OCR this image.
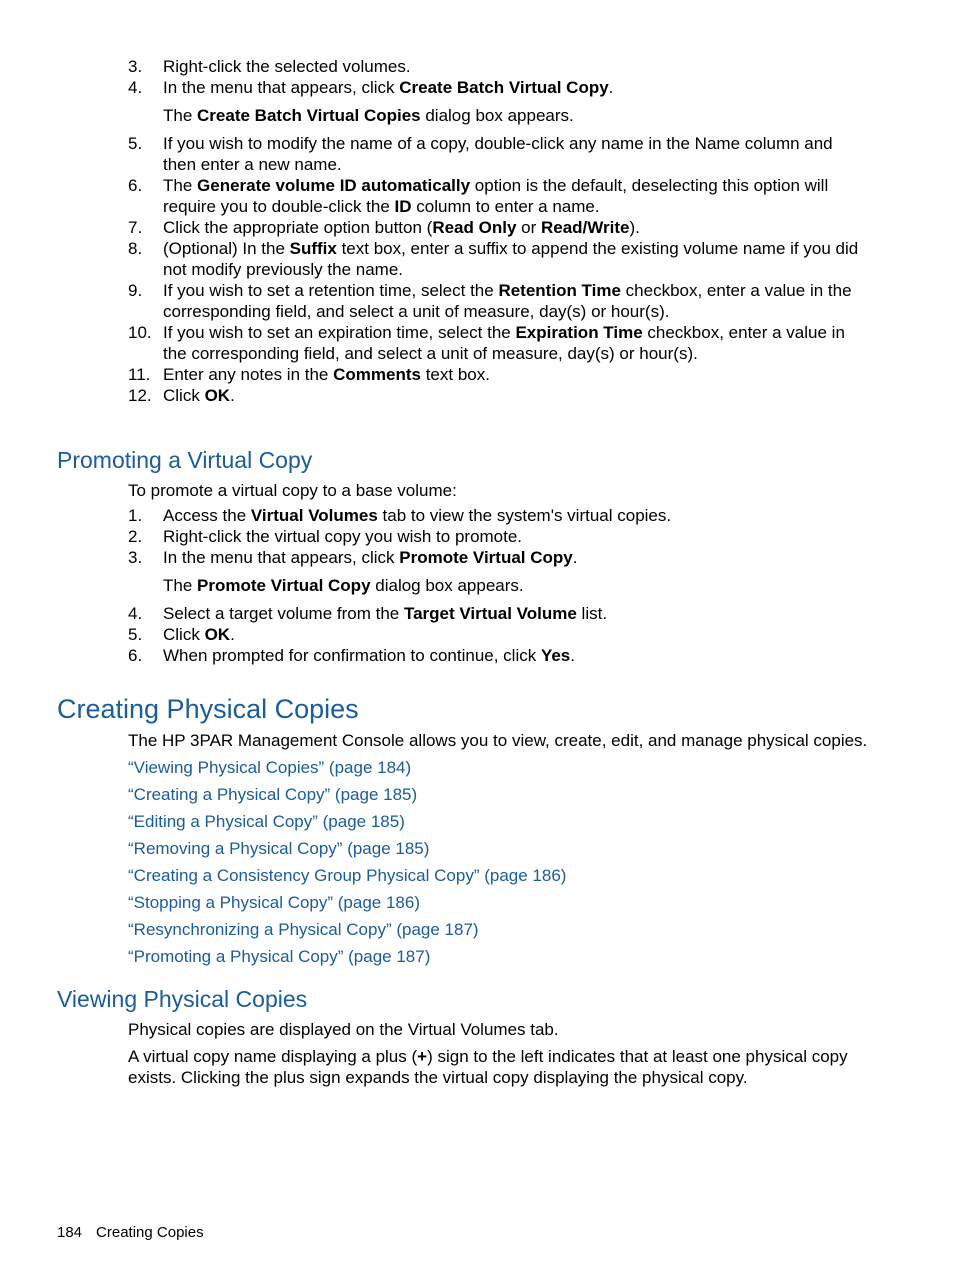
3. Right-click the selected volumes.
4. In the menu that appears, click Create Batch Virtual Copy.
The Create Batch Virtual Copies dialog box appears.
5. If you wish to modify the name of a copy, double-click any name in the Name column and then enter a new name.
6. The Generate volume ID automatically option is the default, deselecting this option will require you to double-click the ID column to enter a name.
7. Click the appropriate option button (Read Only or Read/Write).
8. (Optional) In the Suffix text box, enter a suffix to append the existing volume name if you did not modify previously the name.
9. If you wish to set a retention time, select the Retention Time checkbox, enter a value in the corresponding field, and select a unit of measure, day(s) or hour(s).
10. If you wish to set an expiration time, select the Expiration Time checkbox, enter a value in the corresponding field, and select a unit of measure, day(s) or hour(s).
11. Enter any notes in the Comments text box.
12. Click OK.
Promoting a Virtual Copy

To promote a virtual copy to a base volume:

1. Access the Virtual Volumes tab to view the system's virtual copies.
2. Right-click the virtual copy you wish to promote.
3. In the menu that appears, click Promote Virtual Copy.
The Promote Virtual Copy dialog box appears.
4. Select a target volume from the Target Virtual Volume list.
5. Click OK.
6. When prompted for confirmation to continue, click Yes.
Creating Physical Copies

The HP 3PAR Management Console allows you to view, create, edit, and manage physical copies.

“Viewing Physical Copies” (page 184)
“Creating a Physical Copy” (page 185)
“Editing a Physical Copy” (page 185)
“Removing a Physical Copy” (page 185)
“Creating a Consistency Group Physical Copy” (page 186)
“Stopping a Physical Copy” (page 186)
“Resynchronizing a Physical Copy” (page 187)
“Promoting a Physical Copy” (page 187)
Viewing Physical Copies

Physical copies are displayed on the Virtual Volumes tab.

A virtual copy name displaying a plus (+) sign to the left indicates that at least one physical copy exists. Clicking the plus sign expands the virtual copy displaying the physical copy.

184 Creating Copies
